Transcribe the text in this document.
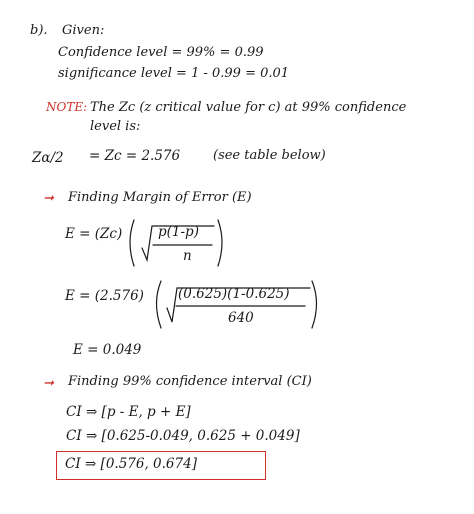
b). Given:
Confidence level = 99% = 0.99
significance level = 1 - 0.99 = 0.01
NOTE: The Zc (z critical value for c) at 99% confidence
level is:
Zα/2 = Zc = 2.576	(see table below)
➞ Finding Margin of Error (E)
E = (Zc)	p(1-p)
n
E = (2.576)	(0.625)(1-0.625)
640
E = 0.049
➞ Finding 99% confidence interval (CI)
CI ⇒ [p - E, p + E]
CI ⇒ [0.625-0.049, 0.625 + 0.049]
CI ⇒ [0.576, 0.674]
